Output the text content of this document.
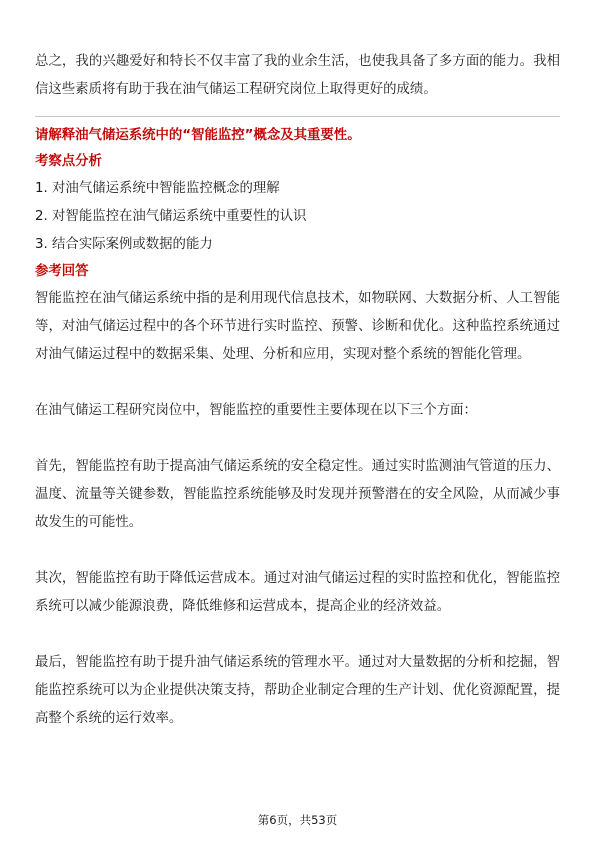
总之，我的兴趣爱好和特长不仅丰富了我的业余生活，也使我具备了多方面的能力。我相信这些素质将有助于我在油气储运工程研究岗位上取得更好的成绩。

请解释油气储运系统中的“智能监控”概念及其重要性。

考察点分析

1. 对油气储运系统中智能监控概念的理解

2. 对智能监控在油气储运系统中重要性的认识

3. 结合实际案例或数据的能力

参考回答

智能监控在油气储运系统中指的是利用现代信息技术，如物联网、大数据分析、人工智能等，对油气储运过程中的各个环节进行实时监控、预警、诊断和优化。这种监控系统通过对油气储运过程中的数据采集、处理、分析和应用，实现对整个系统的智能化管理。

在油气储运工程研究岗位中，智能监控的重要性主要体现在以下三个方面：

首先，智能监控有助于提高油气储运系统的安全稳定性。通过实时监测油气管道的压力、温度、流量等关键参数，智能监控系统能够及时发现并预警潜在的安全风险，从而减少事故发生的可能性。

其次，智能监控有助于降低运营成本。通过对油气储运过程的实时监控和优化，智能监控系统可以减少能源浪费，降低维修和运营成本，提高企业的经济效益。

最后，智能监控有助于提升油气储运系统的管理水平。通过对大量数据的分析和挖掘，智能监控系统可以为企业提供决策支持，帮助企业制定合理的生产计划、优化资源配置，提高整个系统的运行效率。

第6页，共53页
